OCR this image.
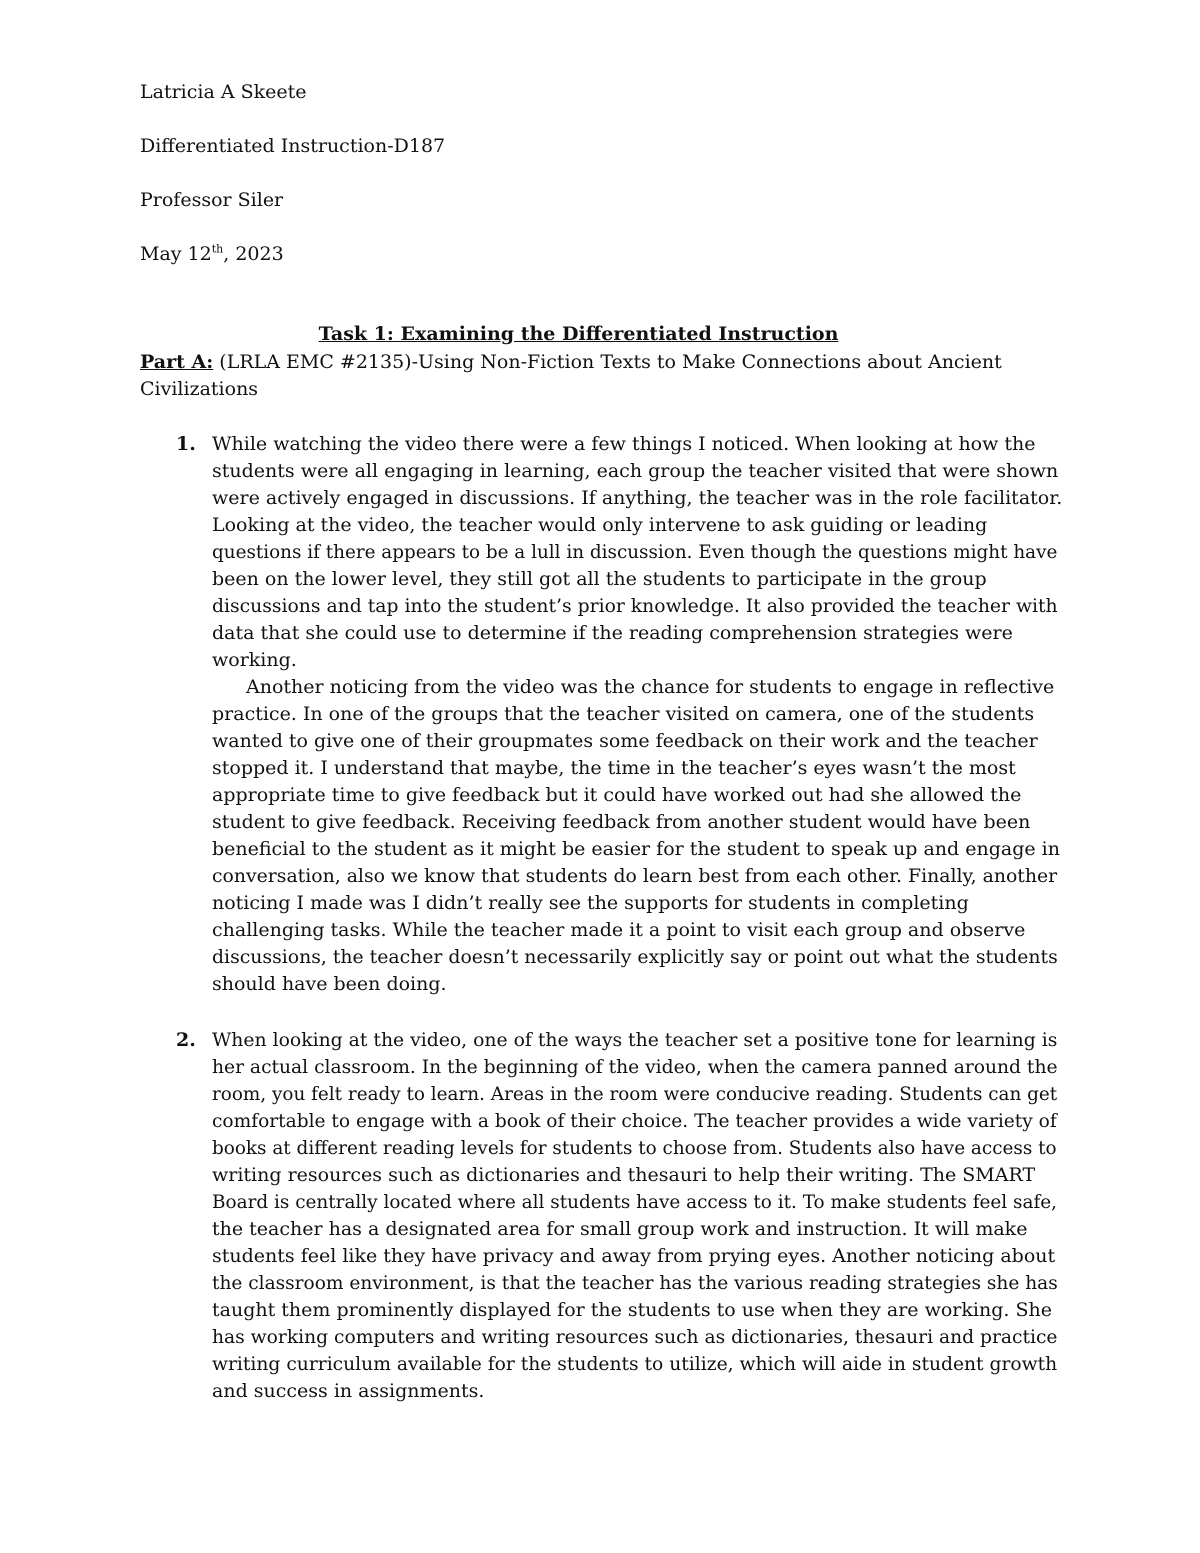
Latricia A Skeete
Differentiated Instruction-D187
Professor Siler
May 12th, 2023
Task 1: Examining the Differentiated Instruction
Part A: (LRLA EMC #2135)-Using Non-Fiction Texts to Make Connections about Ancient
Civilizations
1. While watching the video there were a few things I noticed. When looking at how the
students were all engaging in learning, each group the teacher visited that were shown
were actively engaged in discussions. If anything, the teacher was in the role facilitator.
Looking at the video, the teacher would only intervene to ask guiding or leading
questions if there appears to be a lull in discussion. Even though the questions might have
been on the lower level, they still got all the students to participate in the group
discussions and tap into the student’s prior knowledge. It also provided the teacher with
data that she could use to determine if the reading comprehension strategies were
working.
Another noticing from the video was the chance for students to engage in reflective
practice. In one of the groups that the teacher visited on camera, one of the students
wanted to give one of their groupmates some feedback on their work and the teacher
stopped it. I understand that maybe, the time in the teacher’s eyes wasn’t the most
appropriate time to give feedback but it could have worked out had she allowed the
student to give feedback. Receiving feedback from another student would have been
beneficial to the student as it might be easier for the student to speak up and engage in
conversation, also we know that students do learn best from each other. Finally, another
noticing I made was I didn’t really see the supports for students in completing
challenging tasks. While the teacher made it a point to visit each group and observe
discussions, the teacher doesn’t necessarily explicitly say or point out what the students
should have been doing.
2. When looking at the video, one of the ways the teacher set a positive tone for learning is
her actual classroom. In the beginning of the video, when the camera panned around the
room, you felt ready to learn. Areas in the room were conducive reading. Students can get
comfortable to engage with a book of their choice. The teacher provides a wide variety of
books at different reading levels for students to choose from. Students also have access to
writing resources such as dictionaries and thesauri to help their writing. The SMART
Board is centrally located where all students have access to it. To make students feel safe,
the teacher has a designated area for small group work and instruction. It will make
students feel like they have privacy and away from prying eyes. Another noticing about
the classroom environment, is that the teacher has the various reading strategies she has
taught them prominently displayed for the students to use when they are working. She
has working computers and writing resources such as dictionaries, thesauri and practice
writing curriculum available for the students to utilize, which will aide in student growth
and success in assignments.
